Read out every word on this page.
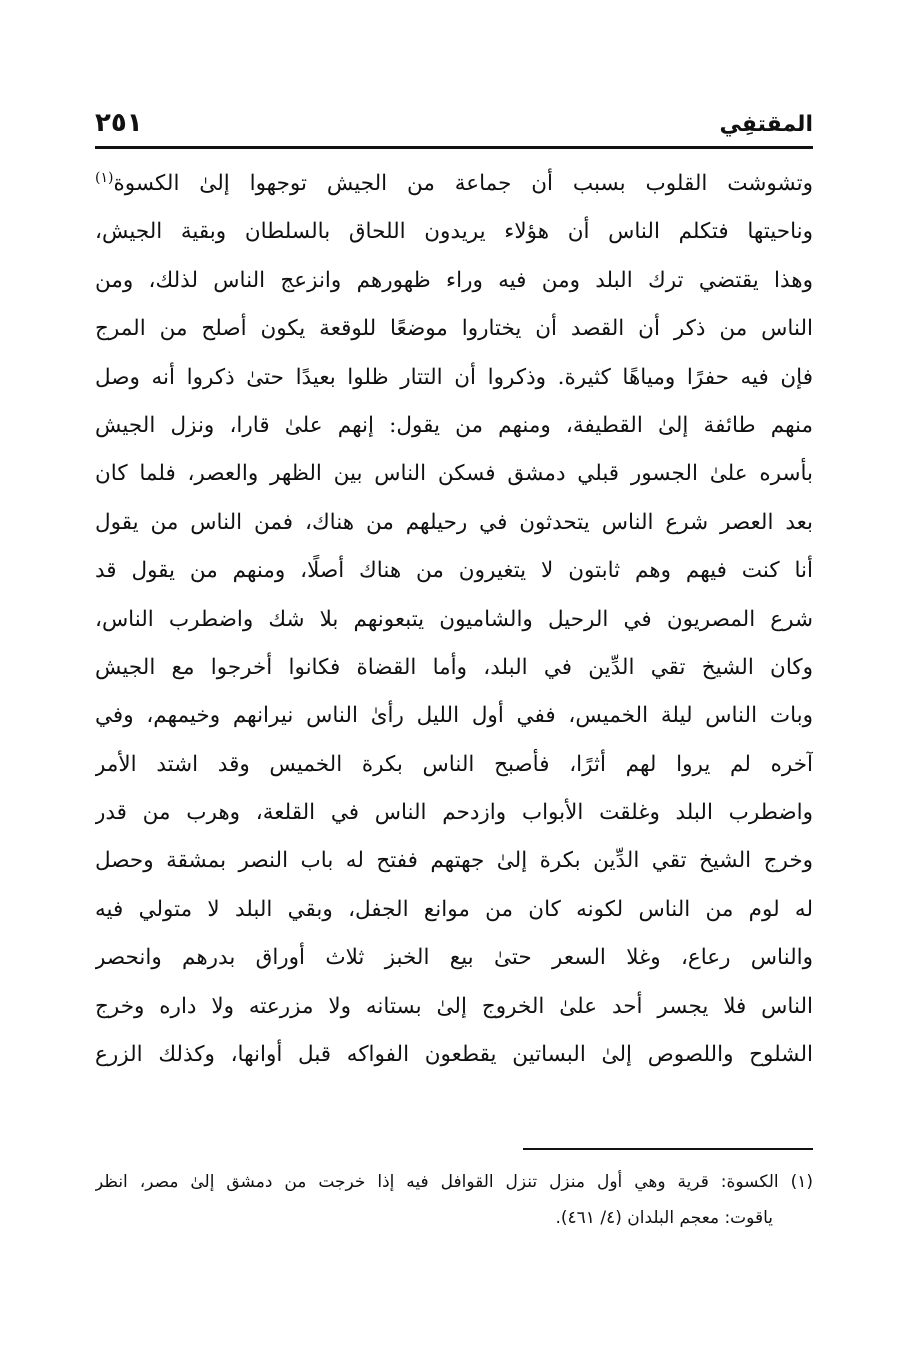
المقتفِي
٢٥١
وتشوشت القلوب بسبب أن جماعة من الجيش توجهوا إلىٰ الكسوة$^{(١)}$
وناحيتها فتكلم الناس أن هؤلاء يريدون اللحاق بالسلطان وبقية الجيش،
وهذا يقتضي ترك البلد ومن فيه وراء ظهورهم وانزعج الناس لذلك، ومن
الناس من ذكر أن القصد أن يختاروا موضعًا للوقعة يكون أصلح من المرج
فإن فيه حفرًا ومياهًا كثيرة. وذكروا أن التتار ظلوا بعيدًا حتىٰ ذكروا أنه وصل
منهم طائفة إلىٰ القطيفة، ومنهم من يقول: إنهم علىٰ قارا، ونزل الجيش
بأسره علىٰ الجسور قبلي دمشق فسكن الناس بين الظهر والعصر، فلما كان
بعد العصر شرع الناس يتحدثون في رحيلهم من هناك، فمن الناس من يقول
أنا كنت فيهم وهم ثابتون لا يتغيرون من هناك أصلًا، ومنهم من يقول قد
شرع المصريون في الرحيل والشاميون يتبعونهم بلا شك واضطرب الناس،
وكان الشيخ تقي الدِّين في البلد، وأما القضاة فكانوا أخرجوا مع الجيش
وبات الناس ليلة الخميس، ففي أول الليل رأىٰ الناس نيرانهم وخيمهم، وفي
آخره لم يروا لهم أثرًا، فأصبح الناس بكرة الخميس وقد اشتد الأمر
واضطرب البلد وغلقت الأبواب وازدحم الناس في القلعة، وهرب من قدر
وخرج الشيخ تقي الدِّين بكرة إلىٰ جهتهم ففتح له باب النصر بمشقة وحصل
له لوم من الناس لكونه كان من موانع الجفل، وبقي البلد لا متولي فيه
والناس رعاع، وغلا السعر حتىٰ بيع الخبز ثلاث أوراق بدرهم وانحصر
الناس فلا يجسر أحد علىٰ الخروج إلىٰ بستانه ولا مزرعته ولا داره وخرج
الشلوح واللصوص إلىٰ البساتين يقطعون الفواكه قبل أوانها، وكذلك الزرع
(١) الكسوة: قرية وهي أول منزل تنزل القوافل فيه إذا خرجت من دمشق إلىٰ مصر، انظر
ياقوت: معجم البلدان (٤/ ٤٦١).
